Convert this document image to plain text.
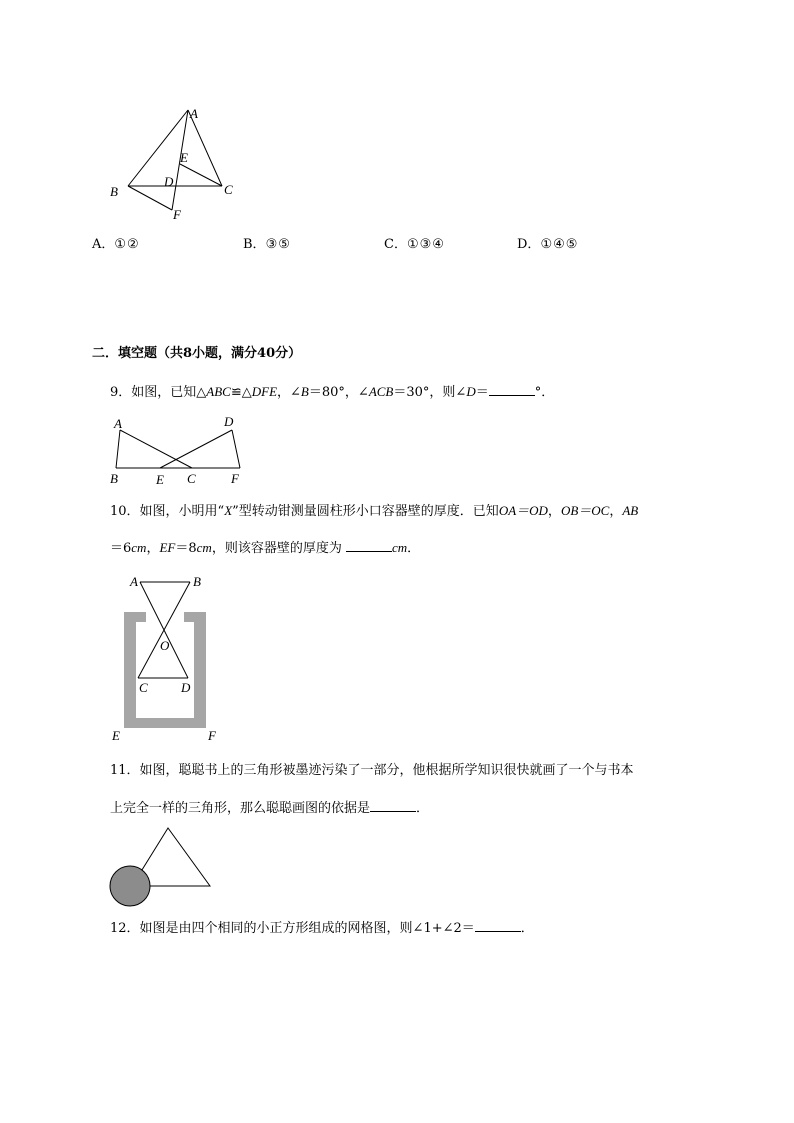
A
B	C
D
E
F
A．①②	B．③⑤	C．①③④	D．①④⑤
二．填空题（共8小题，满分40分）
9．如图，已知△ABC≌△DFE，∠B＝80°，∠ACB＝30°，则∠D＝	°．
A
B	E C
D
F
10．如图，小明用“X”型转动钳测量圆柱形小口容器壁的厚度．已知OA＝OD，OB＝OC，AB
＝6cm，EF＝8cm，则该容器壁的厚度为	cm．
A	B
O
C	D
E	F
11．如图，聪聪书上的三角形被墨迹污染了一部分，他根据所学知识很快就画了一个与书本
上完全一样的三角形，那么聪聪画图的依据是	．
12．如图是由四个相同的小正方形组成的网格图，则∠1+∠2＝	．
